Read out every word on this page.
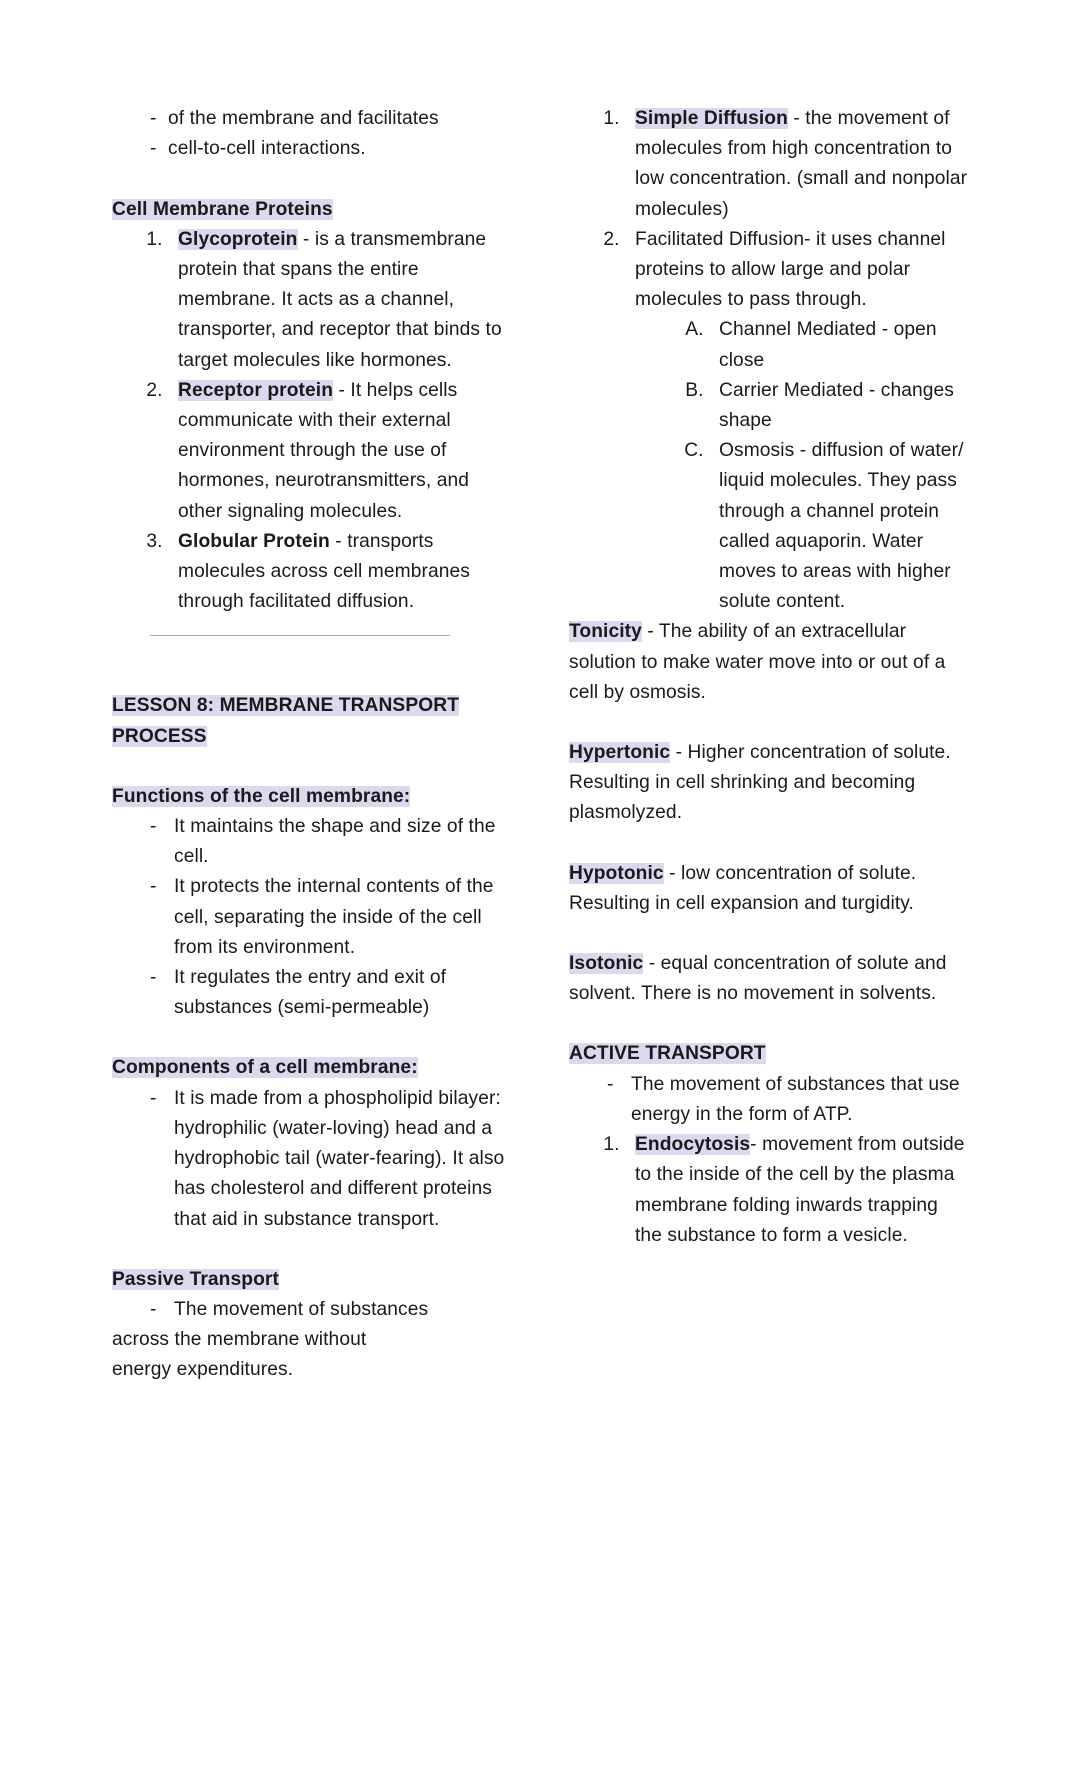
- of the membrane and facilitates
- cell-to-cell interactions.

Cell Membrane Proteins

1. Glycoprotein - is a transmembrane protein that spans the entire membrane. It acts as a channel, transporter, and receptor that binds to target molecules like hormones.
2. Receptor protein - It helps cells communicate with their external environment through the use of hormones, neurotransmitters, and other signaling molecules.
3. Globular Protein - transports molecules across cell membranes through facilitated diffusion.

LESSON 8: MEMBRANE TRANSPORT PROCESS

Functions of the cell membrane:

- It maintains the shape and size of the cell.
- It protects the internal contents of the cell, separating the inside of the cell from its environment.
- It regulates the entry and exit of substances (semi-permeable)

Components of a cell membrane:

- It is made from a phospholipid bilayer: hydrophilic (water-loving) head and a hydrophobic tail (water-fearing). It also has cholesterol and different proteins that aid in substance transport.

Passive Transport

- The movement of substances

across the membrane without

energy expenditures.

1. Simple Diffusion - the movement of molecules from high concentration to low concentration. (small and nonpolar molecules)
2. Facilitated Diffusion- it uses channel proteins to allow large and polar molecules to pass through.
A. Channel Mediated - open close
B. Carrier Mediated - changes shape
C. Osmosis - diffusion of water/ liquid molecules. They pass through a channel protein called aquaporin. Water moves to areas with higher solute content.

Tonicity - The ability of an extracellular solution to make water move into or out of a cell by osmosis.

Hypertonic - Higher concentration of solute. Resulting in cell shrinking and becoming plasmolyzed.

Hypotonic - low concentration of solute. Resulting in cell expansion and turgidity.

Isotonic - equal concentration of solute and solvent. There is no movement in solvents.

ACTIVE TRANSPORT

- The movement of substances that use energy in the form of ATP.
1. Endocytosis- movement from outside to the inside of the cell by the plasma membrane folding inwards trapping the substance to form a vesicle.
